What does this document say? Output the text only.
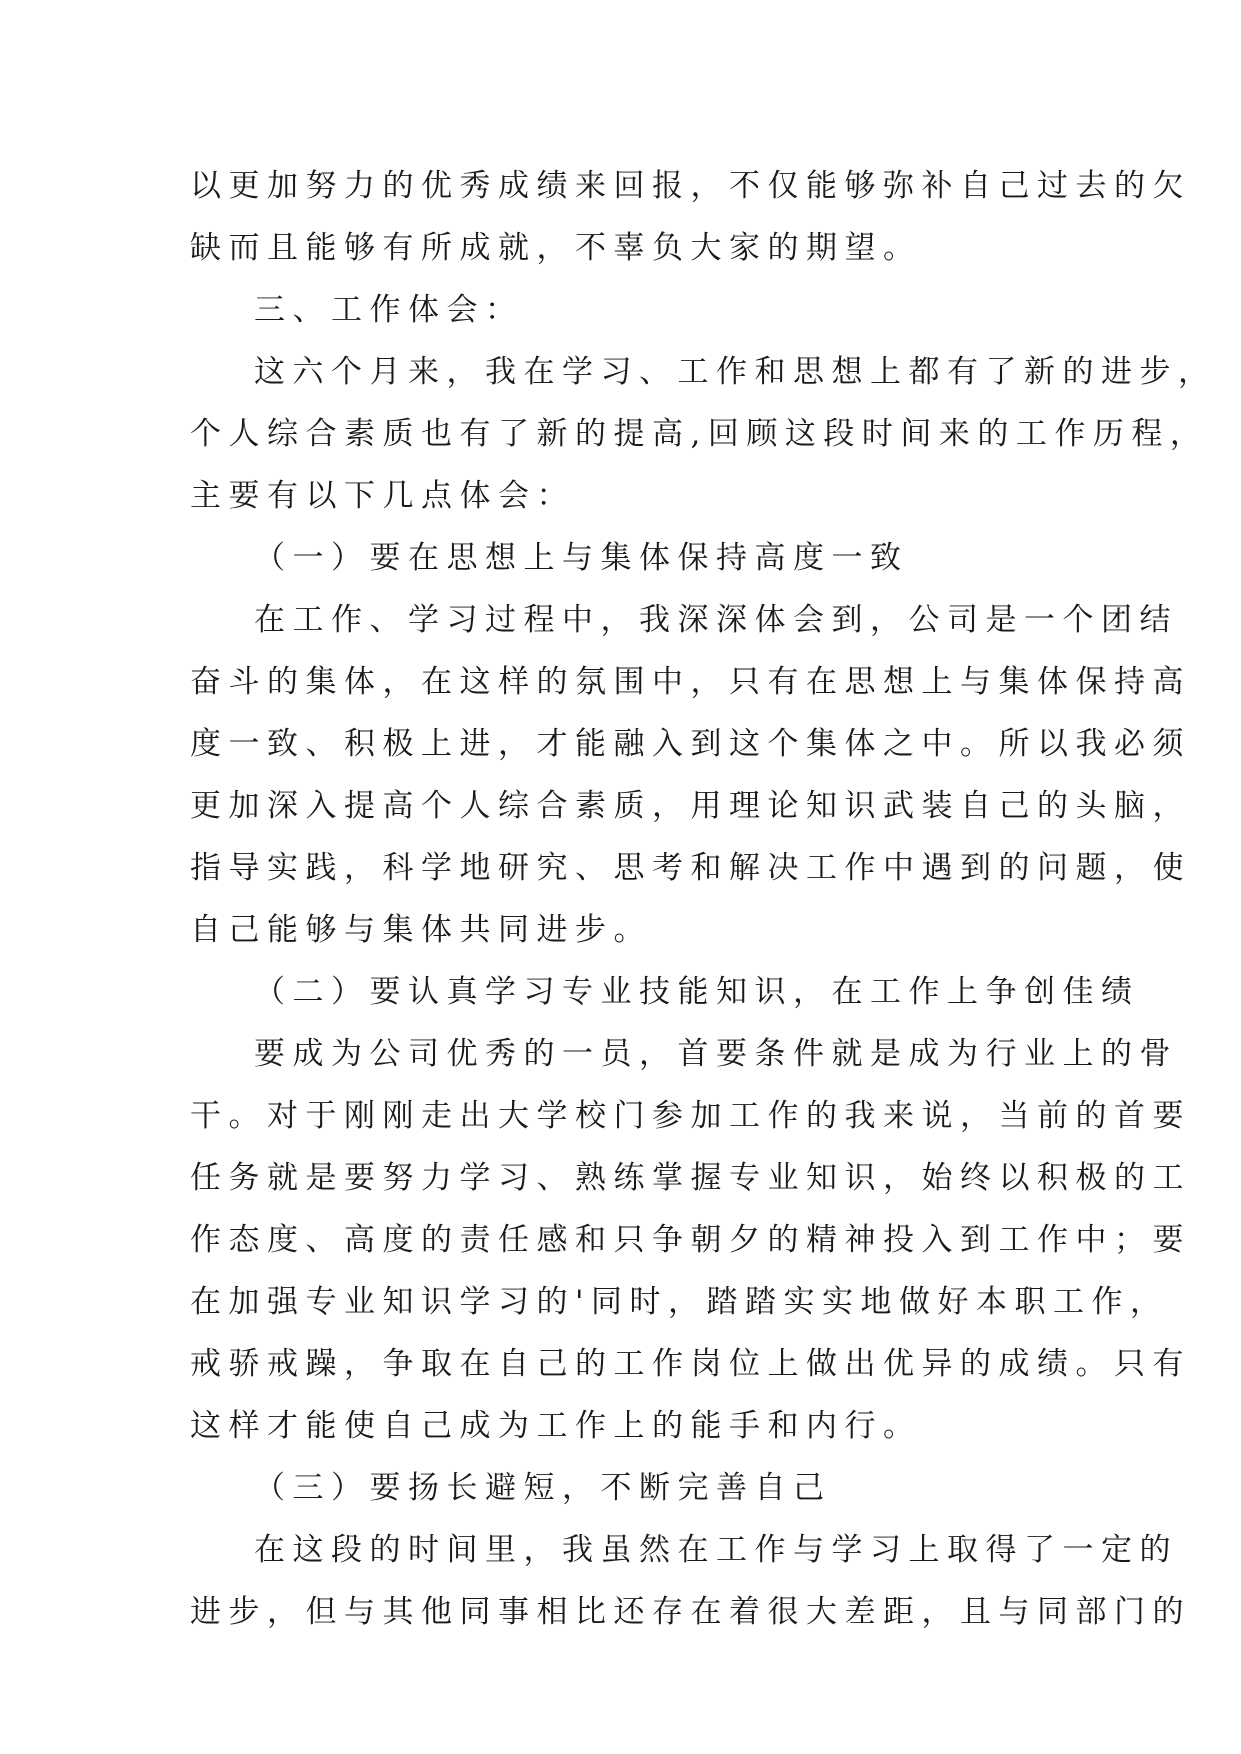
以更加努力的优秀成绩来回报，不仅能够弥补自己过去的欠
缺而且能够有所成就，不辜负大家的期望。
三、工作体会：
这六个月来，我在学习、工作和思想上都有了新的进步，
个人综合素质也有了新的提高,回顾这段时间来的工作历程，
主要有以下几点体会：
（一）要在思想上与集体保持高度一致
在工作、学习过程中，我深深体会到，公司是一个团结
奋斗的集体，在这样的氛围中，只有在思想上与集体保持高
度一致、积极上进，才能融入到这个集体之中。所以我必须
更加深入提高个人综合素质，用理论知识武装自己的头脑，
指导实践，科学地研究、思考和解决工作中遇到的问题，使
自己能够与集体共同进步。
（二）要认真学习专业技能知识，在工作上争创佳绩
要成为公司优秀的一员，首要条件就是成为行业上的骨
干。对于刚刚走出大学校门参加工作的我来说，当前的首要
任务就是要努力学习、熟练掌握专业知识，始终以积极的工
作态度、高度的责任感和只争朝夕的精神投入到工作中；要
在加强专业知识学习的'同时，踏踏实实地做好本职工作，
戒骄戒躁，争取在自己的工作岗位上做出优异的成绩。只有
这样才能使自己成为工作上的能手和内行。
（三）要扬长避短，不断完善自己
在这段的时间里，我虽然在工作与学习上取得了一定的
进步，但与其他同事相比还存在着很大差距，且与同部门的
